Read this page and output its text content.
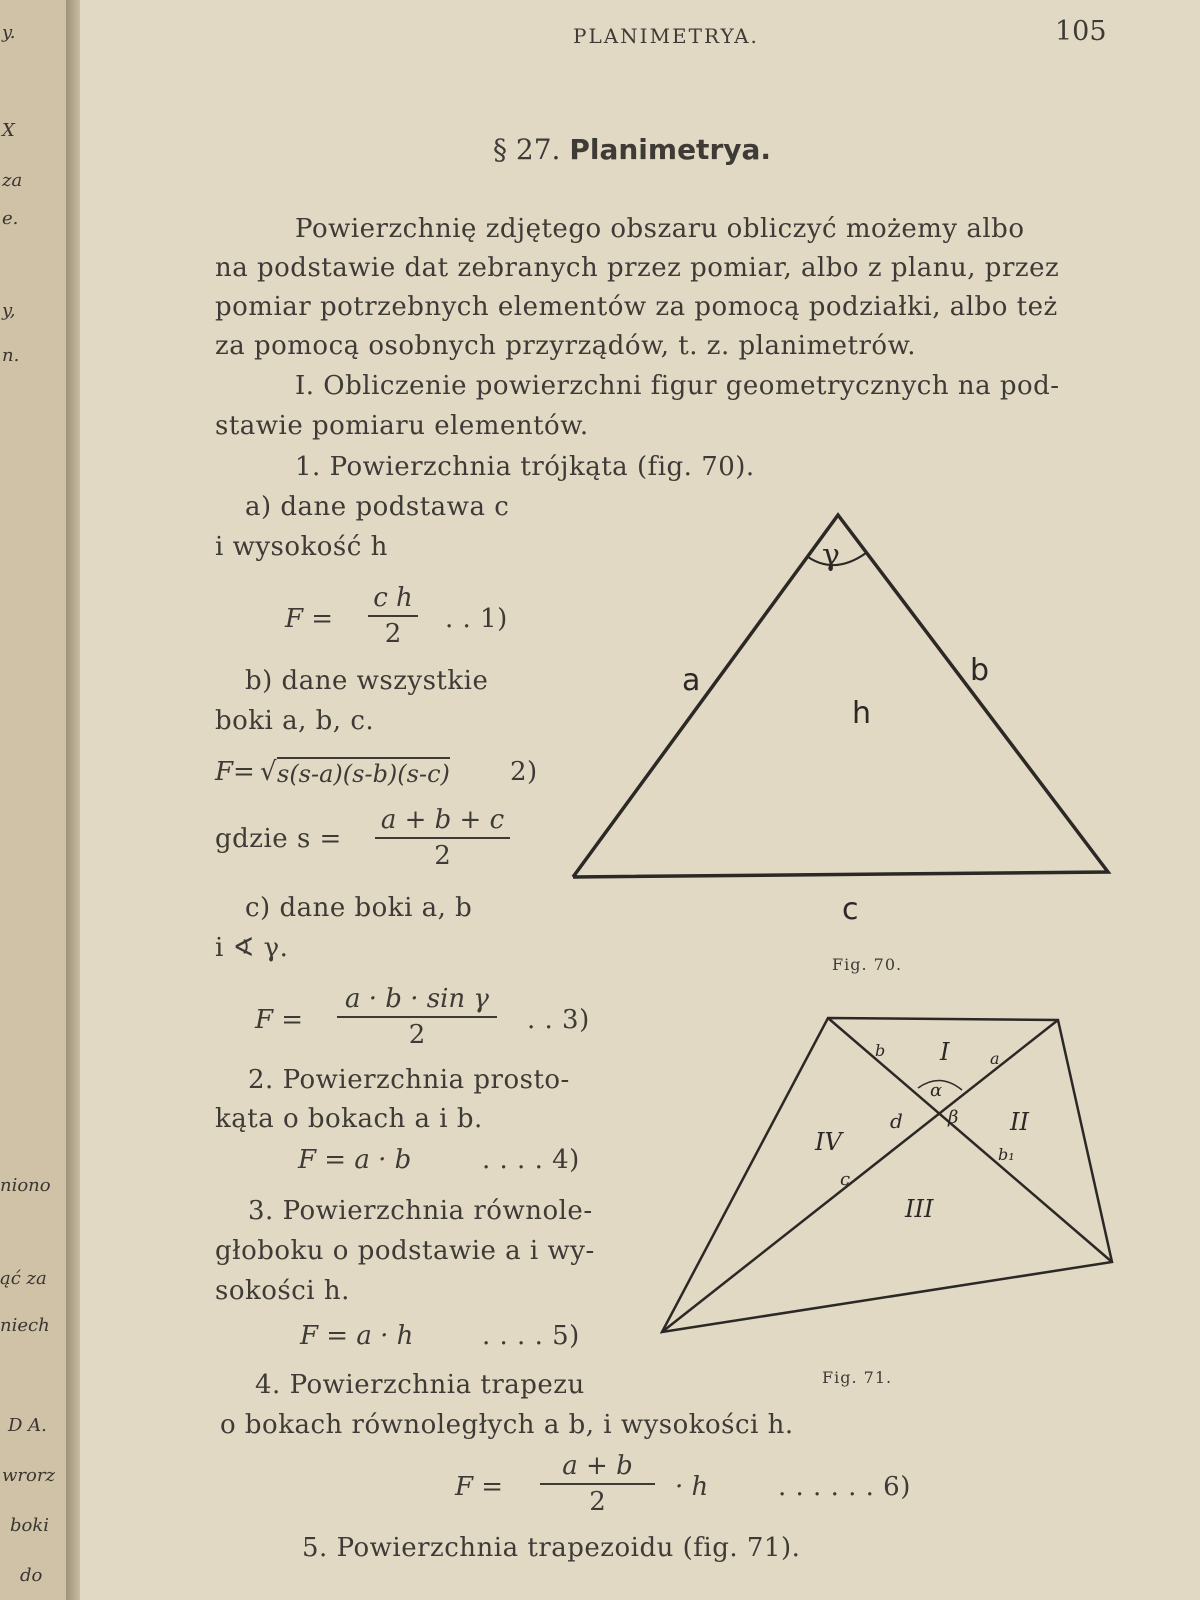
y.
X
za
e.
y,
n.
niono
ąć za
niech
D A.
wrorz
boki
do
PLANIMETRYA.	105
§ 27. Planimetrya.
Powierzchnię zdjętego obszaru obliczyć możemy albo
na podstawie dat zebranych przez pomiar, albo z planu, przez
pomiar potrzebnych elementów za pomocą podziałki, albo też
za pomocą osobnych przyrządów, t. z. planimetrów.
I. Obliczenie powierzchni figur geometrycznych na pod-
stawie pomiaru elementów.
1. Powierzchnia trójkąta (fig. 70).
a) dane podstawa c
i wysokość h
F =
c h
2	. . 1)
b) dane wszystkie
boki a, b, c.
F= √ s(s-a)(s-b)(s-c) 2)
gdzie s =
a + b + c
2
c) dane boki a, b
i ∢ γ.
F =
a · b · sin γ
2	. . 3)
2. Powierzchnia prosto-
kąta o bokach a i b.
F = a · b	. . . . 4)
3. Powierzchnia równole-
głoboku o podstawie a i wy-
sokości h.
F = a · h	. . . . 5)
4. Powierzchnia trapezu
o bokach równoległych a b, i wysokości h.
F =
a + b
2	· h	. . . . . . 6)
5. Powierzchnia trapezoidu (fig. 71).
γ
a	b
h
c
Fig. 70.
I
II
III
IV
α
β
b	a
d
b₁
c
Fig. 71.
